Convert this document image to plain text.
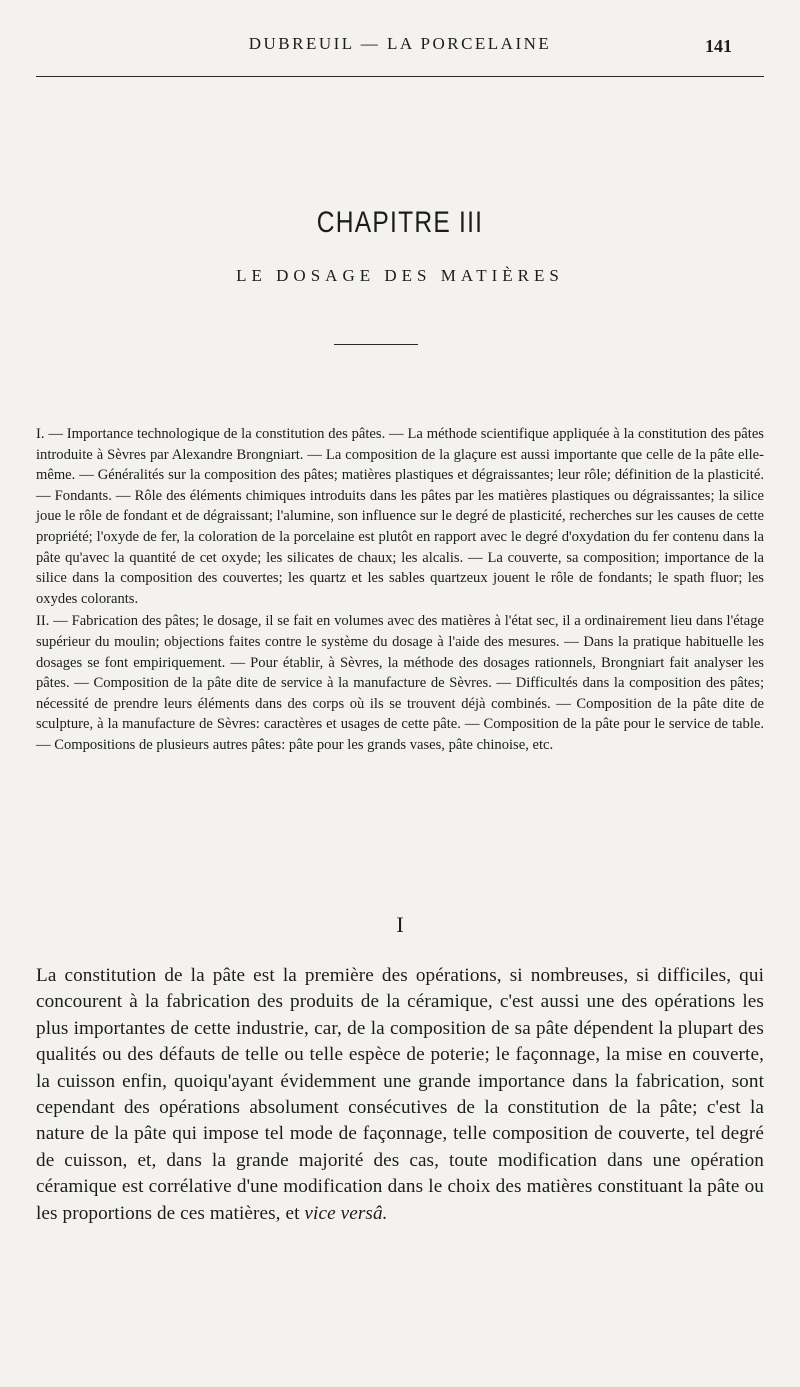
DUBREUIL — LA PORCELAINE	141
CHAPITRE III
LE DOSAGE DES MATIÈRES

I. — Importance technologique de la constitution des pâtes. — La méthode scientifique appliquée à la constitution des pâtes introduite à Sèvres par Alexandre Brongniart. — La composition de la glaçure est aussi importante que celle de la pâte elle-même. — Généralités sur la composition des pâtes; matières plastiques et dégraissantes; leur rôle; définition de la plasticité. — Fondants. — Rôle des éléments chimiques introduits dans les pâtes par les matières plastiques ou dégraissantes; la silice joue le rôle de fondant et de dégraissant; l'alumine, son influence sur le degré de plasticité, recherches sur les causes de cette propriété; l'oxyde de fer, la coloration de la porcelaine est plutôt en rapport avec le degré d'oxydation du fer contenu dans la pâte qu'avec la quantité de cet oxyde; les silicates de chaux; les alcalis. — La couverte, sa composition; importance de la silice dans la composition des couvertes; les quartz et les sables quartzeux jouent le rôle de fondants; le spath fluor; les oxydes colorants.

II. — Fabrication des pâtes; le dosage, il se fait en volumes avec des matières à l'état sec, il a ordinairement lieu dans l'étage supérieur du moulin; objections faites contre le système du dosage à l'aide des mesures. — Dans la pratique habituelle les dosages se font empiriquement. — Pour établir, à Sèvres, la méthode des dosages rationnels, Brongniart fait analyser les pâtes. — Composition de la pâte dite de service à la manufacture de Sèvres. — Difficultés dans la composition des pâtes; nécessité de prendre leurs éléments dans des corps où ils se trouvent déjà combinés. — Composition de la pâte dite de sculpture, à la manufacture de Sèvres: caractères et usages de cette pâte. — Composition de la pâte pour le service de table. — Compositions de plusieurs autres pâtes: pâte pour les grands vases, pâte chinoise, etc.

I

La constitution de la pâte est la première des opérations, si nombreuses, si difficiles, qui concourent à la fabrication des produits de la céramique, c'est aussi une des opérations les plus importantes de cette industrie, car, de la composition de sa pâte dépendent la plupart des qualités ou des défauts de telle ou telle espèce de poterie; le façonnage, la mise en couverte, la cuisson enfin, quoiqu'ayant évidemment une grande importance dans la fabrication, sont cependant des opérations absolument consécutives de la constitution de la pâte; c'est la nature de la pâte qui impose tel mode de façonnage, telle composition de couverte, tel degré de cuisson, et, dans la grande majorité des cas, toute modification dans une opération céramique est corrélative d'une modification dans le choix des matières constituant la pâte ou les proportions de ces matières, et vice versâ.
